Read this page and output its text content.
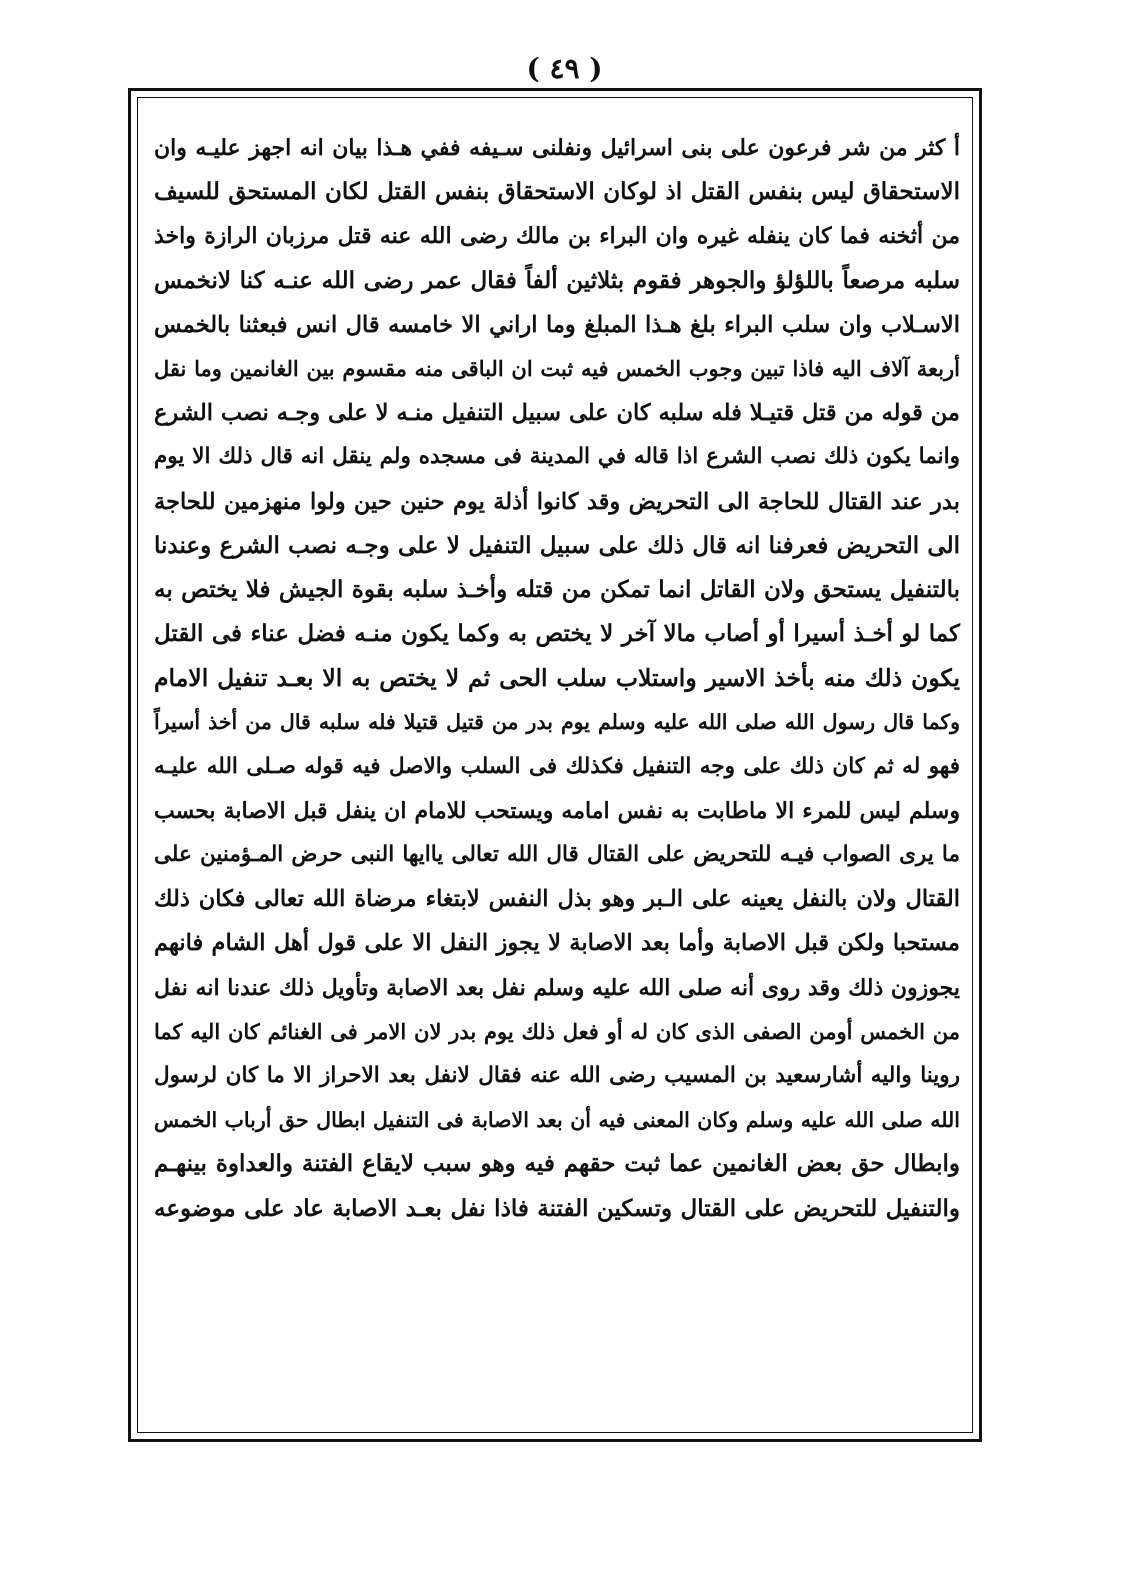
( ٤٩ )
أ كثر من شر فرعون على بنى اسرائيل ونفلنى سـيفه ففي هـذا بيان انه اجهز عليـه وان
الاستحقاق ليس بنفس القتل اذ لوكان الاستحقاق بنفس القتل لكان المستحق للسيف
من أثخنه فما كان ينفله غيره وان البراء بن مالك رضى الله عنه قتل مرزبان الرازة واخذ
سلبه مرصعاً باللؤلؤ والجوهر فقوم بثلاثين ألفاً فقال عمر رضى الله عنـه كنا لانخمس
الاسـلاب وان سلب البراء بلغ هـذا المبلغ وما اراني الا خامسه قال انس فبعثنا بالخمس
أربعة آلاف اليه فاذا تبين وجوب الخمس فيه ثبت ان الباقى منه مقسوم بين الغانمين وما نقل
من قوله من قتل قتيـلا فله سلبه كان على سبيل التنفيل منـه لا على وجـه نصب الشرع
وانما يكون ذلك نصب الشرع اذا قاله في المدينة فى مسجده ولم ينقل انه قال ذلك الا يوم
بدر عند القتال للحاجة الى التحريض وقد كانوا أذلة يوم حنين حين ولوا منهزمين للحاجة
الى التحريض فعرفنا انه قال ذلك على سبيل التنفيل لا على وجـه نصب الشرع وعندنا
بالتنفيل يستحق ولان القاتل انما تمكن من قتله وأخـذ سلبه بقوة الجيش فلا يختص به
كما لو أخـذ أسيرا أو أصاب مالا آخر لا يختص به وكما يكون منـه فضل عناء فى القتل
يكون ذلك منه بأخذ الاسير واستلاب سلب الحى ثم لا يختص به الا بعـد تنفيل الامام
وكما قال رسول الله صلى الله عليه وسلم يوم بدر من قتيل قتيلا فله سلبه قال من أخذ أسيراً
فهو له ثم كان ذلك على وجه التنفيل فكذلك فى السلب والاصل فيه قوله صـلى الله عليـه
وسلم ليس للمرء الا ماطابت به نفس امامه ويستحب للامام ان ينفل قبل الاصابة بحسب
ما يرى الصواب فيـه للتحريض على القتال قال الله تعالى ياايها النبى حرض المـؤمنين على
القتال ولان بالنفل يعينه على الـبر وهو بذل النفس لابتغاء مرضاة الله تعالى فكان ذلك
مستحبا ولكن قبل الاصابة وأما بعد الاصابة لا يجوز النفل الا على قول أهل الشام فانهم
يجوزون ذلك وقد روى أنه صلى الله عليه وسلم نفل بعد الاصابة وتأويل ذلك عندنا انه نفل
من الخمس أومن الصفى الذى كان له أو فعل ذلك يوم بدر لان الامر فى الغنائم كان اليه كما
روينا واليه أشارسعيد بن المسيب رضى الله عنه فقال لانفل بعد الاحراز الا ما كان لرسول
الله صلى الله عليه وسلم وكان المعنى فيه أن بعد الاصابة فى التنفيل ابطال حق أرباب الخمس
وابطال حق بعض الغانمين عما ثبت حقهم فيه وهو سبب لايقاع الفتنة والعداوة بينهـم
والتنفيل للتحريض على القتال وتسكين الفتنة فاذا نفل بعـد الاصابة عاد على موضوعه
